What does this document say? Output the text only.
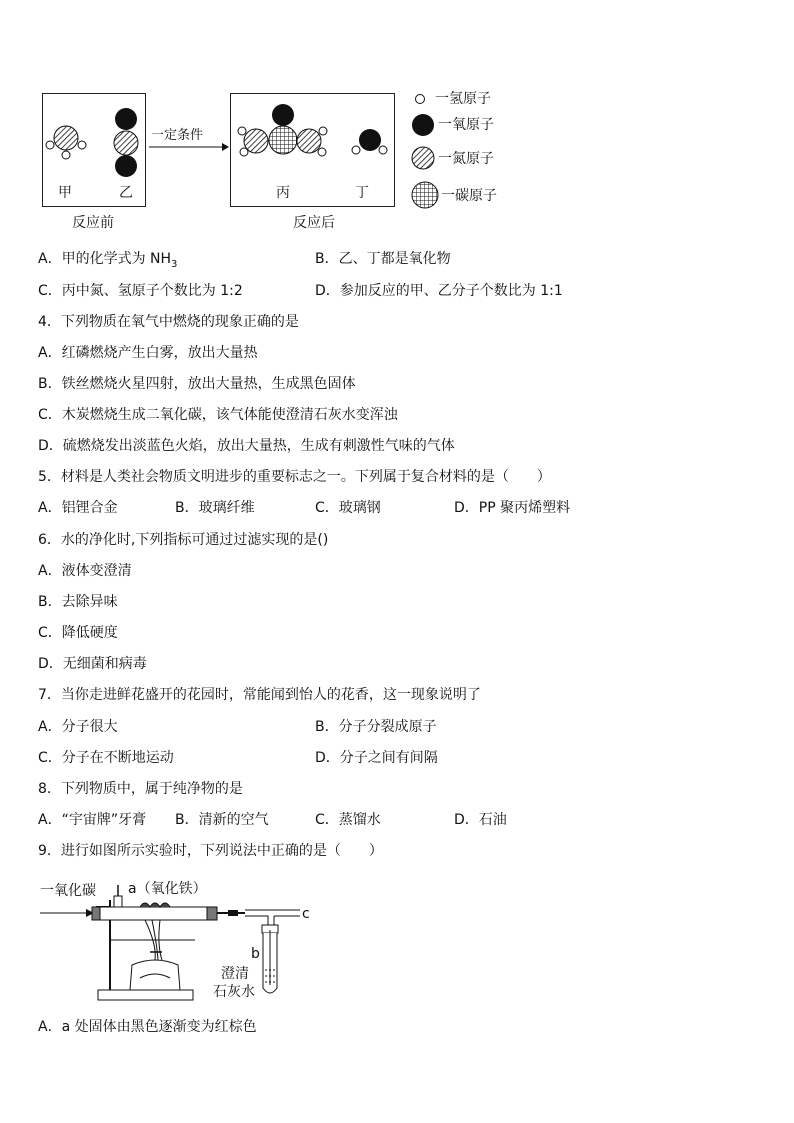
甲	乙
一定条件
丙	丁
反应前	反应后
一氢原子
一氧原子
一氮原子
一碳原子
A．甲的化学式为 $NH_3$	B．乙、丁都是氧化物
C．丙中氮、氢原子个数比为 1:2	D．参加反应的甲、乙分子个数比为 1:1
4．下列物质在氧气中燃烧的现象正确的是
A．红磷燃烧产生白雾，放出大量热
B．铁丝燃烧火星四射，放出大量热，生成黑色固体
C．木炭燃烧生成二氧化碳，该气体能使澄清石灰水变浑浊
D．硫燃烧发出淡蓝色火焰，放出大量热，生成有刺激性气味的气体
5．材料是人类社会物质文明进步的重要标志之一。下列属于复合材料的是（　　）
A．铝锂合金	B．玻璃纤维	C．玻璃钢	D．PP 聚丙烯塑料
6．水的净化时,下列指标可通过过滤实现的是()
A．液体变澄清
B．去除异味
C．降低硬度
D．无细菌和病毒
7．当你走进鲜花盛开的花园时，常能闻到怡人的花香，这一现象说明了
A．分子很大	B．分子分裂成原子
C．分子在不断地运动	D．分子之间有间隔
8．下列物质中，属于纯净物的是
A．“宇宙牌”牙膏 B．清新的空气	C．蒸馏水	D．石油
9．进行如图所示实验时，下列说法中正确的是（　　）
一氧化碳 a（氧化铁）
c
b
澄清
石灰水
A．a 处固体由黑色逐渐变为红棕色
